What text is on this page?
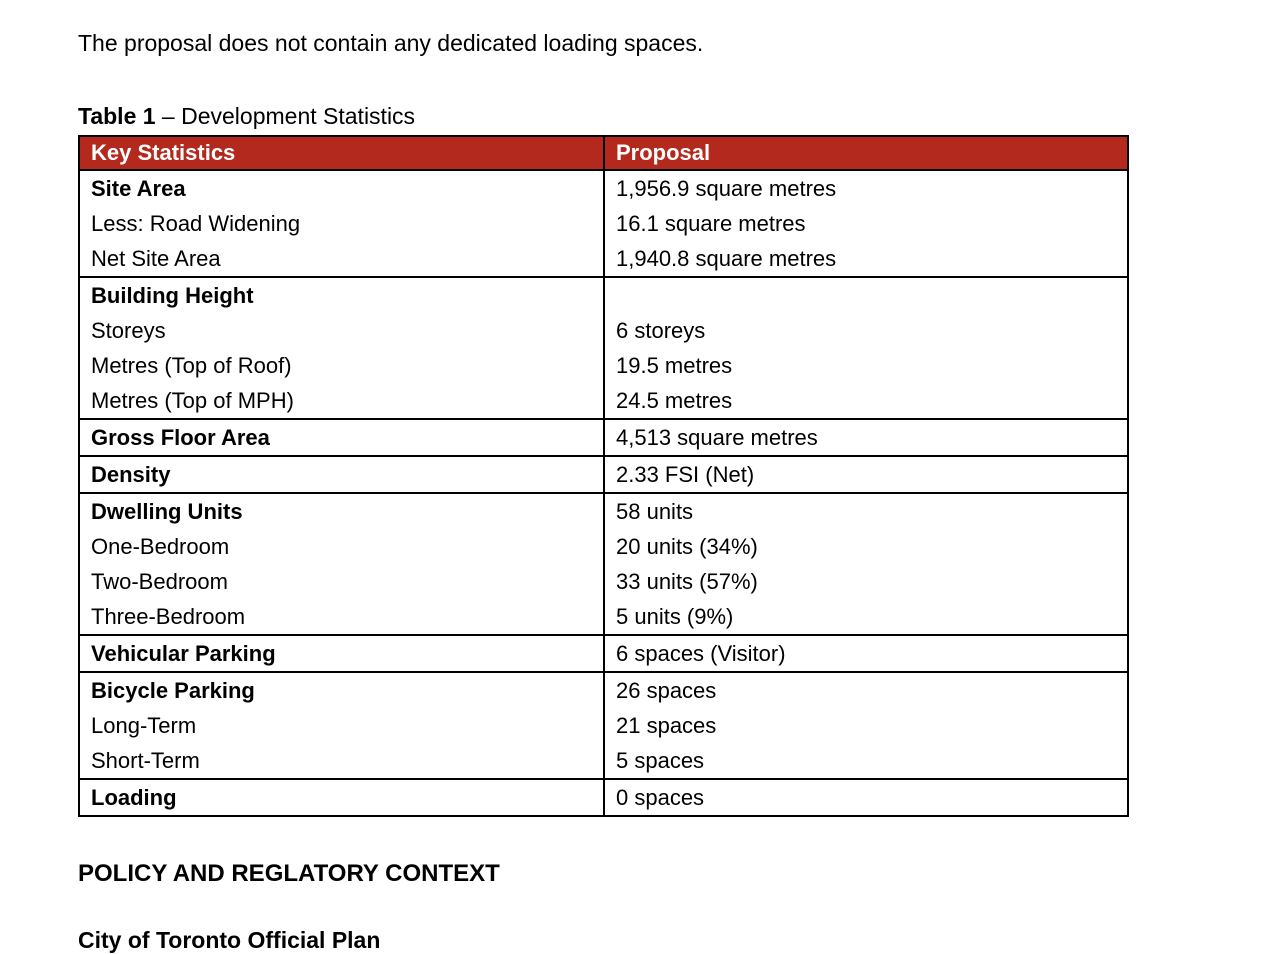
The proposal does not contain any dedicated loading spaces.

Table 1 – Development Statistics

Key Statistics	Proposal
Site Area	1,956.9 square metres
Less: Road Widening	16.1 square metres
Net Site Area	1,940.8 square metres
Building Height	
Storeys	6 storeys
Metres (Top of Roof)	19.5 metres
Metres (Top of MPH)	24.5 metres
Gross Floor Area	4,513 square metres
Density	2.33 FSI (Net)
Dwelling Units	58 units
One-Bedroom	20 units (34%)
Two-Bedroom	33 units (57%)
Three-Bedroom	5 units (9%)
Vehicular Parking	6 spaces (Visitor)
Bicycle Parking	26 spaces
Long-Term	21 spaces
Short-Term	5 spaces
Loading	0 spaces
POLICY AND REGLATORY CONTEXT

City of Toronto Official Plan
